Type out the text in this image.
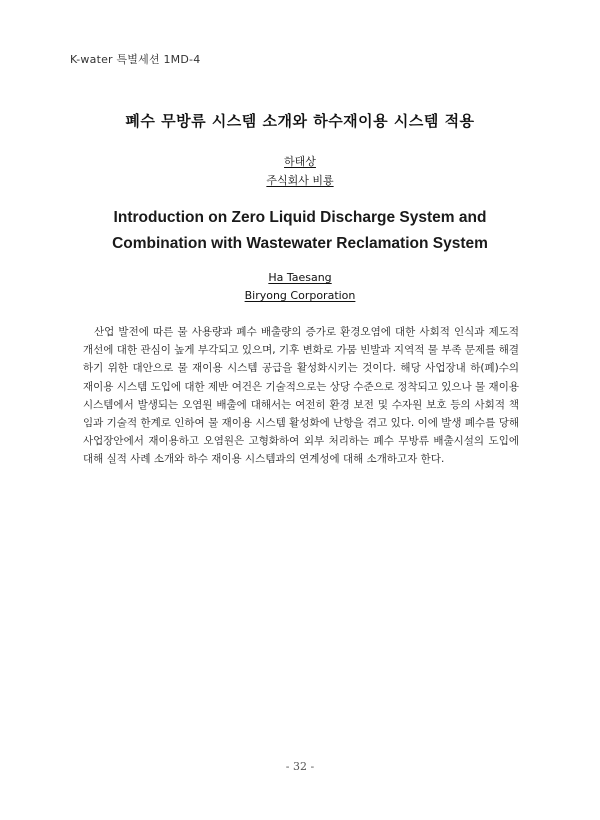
K-water 특별세션 1MD-4
폐수 무방류 시스템 소개와 하수재이용 시스템 적용
하태상
주식회사 비룡
Introduction on Zero Liquid Discharge System and
Combination with Wastewater Reclamation System
Ha Taesang
Biryong Corporation
산업 발전에 따른 물 사용량과 폐수 배출량의 증가로 환경오염에 대한 사회적 인식과 제도적 개선에 대한 관심이 높게 부각되고 있으며, 기후 변화로 가뭄 빈발과 지역적 물 부족 문제를 해결하기 위한 대안으로 물 재이용 시스템 공급을 활성화시키는 것이다. 해당 사업장내 하(폐)수의 재이용 시스템 도입에 대한 제반 여건은 기술적으로는 상당 수준으로 정착되고 있으나 물 재이용 시스템에서 발생되는 오염원 배출에 대해서는 여전히 환경 보전 및 수자원 보호 등의 사회적 책임과 기술적 한계로 인하여 물 재이용 시스템 활성화에 난항을 겪고 있다. 이에 발생 폐수를 당해 사업장안에서 재이용하고 오염원은 고형화하여 외부 처리하는 폐수 무방류 배출시설의 도입에 대해 실적 사례 소개와 하수 재이용 시스템과의 연계성에 대해 소개하고자 한다.
- 32 -
